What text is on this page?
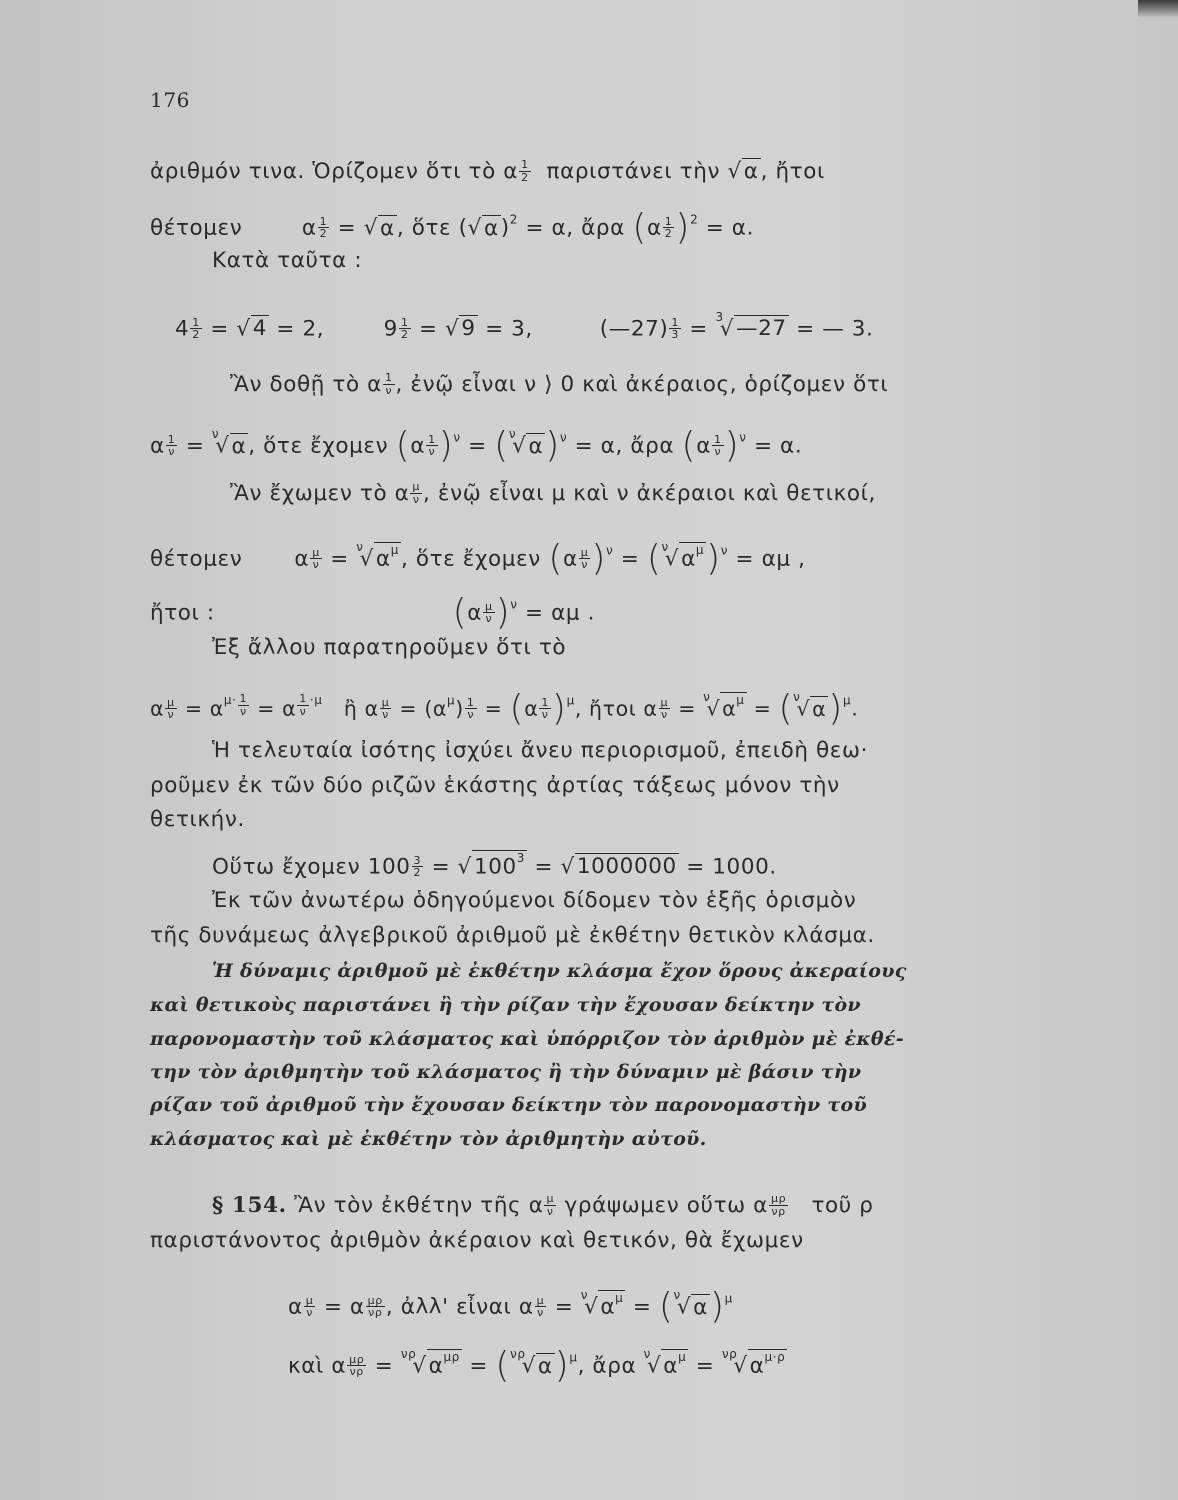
176
ἀριθμόν τινα. Ὁρίζομεν ὅτι τὸ α $\frac{1}{2}$ παριστάνει τὴν √α, ἤτοι
θέτομεν        α $\frac{1}{2} = √\alpha$, ὅτε $(√\alpha)^2 = \alpha$, ἄρα $(\alpha \frac{1}{2} )^2 = \alpha$.
Κατὰ ταῦτα :
$4 \frac{1}{2} = √4 = 2$,        $9 \frac{1}{2} = √9 = 3$,         (—27) $\frac{1}{3}$ = $^3$√—27 = — 3.
Ἂν δοθῇ τὸ α $\frac{1}{\nu}$ , ἐνῷ εἶναι ν ⟩ 0 καὶ ἀκέραιος, ὁρίζομεν ὅτι
α $\frac{1}{\nu} = ^\nu√\alpha$, ὅτε ἔχομεν $(\alpha \frac{1}{\nu} )^\nu = (^\nu√\alpha)^\nu = \alpha$, ἄρα $(\alpha \frac{1}{\nu} )^\nu = \alpha$.
Ἂν ἔχωμεν τὸ α $\frac{\mu}{\nu}$ , ἐνῷ εἶναι μ καὶ ν ἀκέραιοι καὶ θετικοί,
θέτομεν       α $\frac{\mu}{\nu} = ^\nu√\alpha^\mu$, ὅτε ἔχομεν $(\alpha \frac{\mu}{\nu} )^\nu = (^\nu√\alpha^\mu)^\nu = \alpha\mu$ ,
ἤτοι :	$(\alpha \frac{\mu}{\nu} )^\nu = \alpha\mu$ .
Ἐξ ἄλλου παρατηροῦμεν ὅτι τὸ
α $\frac{\mu}{\nu} = \alpha^{\mu\cdot \frac{1}{\nu}} = \alpha$ $^{\frac{1}{\nu} \cdot\mu}$ ἢ α $\frac{\mu}{\nu} = (\alpha^\mu) \frac{1}{\nu} = (\alpha \frac{1}{\nu} )^\mu$, ἤτοι α $\frac{\mu}{\nu} = ^\nu√\alpha^\mu = (^\nu√\alpha)^\mu$.
Ἡ τελευταία ἰσότης ἰσχύει ἄνευ περιορισμοῦ, ἐπειδὴ θεω·
ροῦμεν ἐκ τῶν δύο ριζῶν ἑκάστης ἀρτίας τάξεως μόνον τὴν
θετικήν.
Οὕτω ἔχομεν $100 \frac{3}{2} = √100^3 = √1000000 = 1000$.
Ἐκ τῶν ἀνωτέρω ὁδηγούμενοι δίδομεν τὸν ἑξῆς ὁρισμὸν
τῆς δυνάμεως ἀλγεβρικοῦ ἀριθμοῦ μὲ ἐκθέτην θετικὸν κλάσμα.
Ἡ δύναμις ἀριθμοῦ μὲ ἐκθέτην κλάσμα ἔχον ὅρους ἀκεραίους
καὶ θετικοὺς παριστάνει ἢ τὴν ρίζαν τὴν ἔχουσαν δείκτην τὸν
παρονομαστὴν τοῦ κλάσματος καὶ ὑπόρριζον τὸν ἀριθμὸν μὲ ἐκθέ-
την τὸν ἀριθμητὴν τοῦ κλάσματος ἢ τὴν δύναμιν μὲ βάσιν τὴν
ρίζαν τοῦ ἀριθμοῦ τὴν ἔχουσαν δείκτην τὸν παρονομαστὴν τοῦ
κλάσματος καὶ μὲ ἐκθέτην τὸν ἀριθμητὴν αὐτοῦ.
§ 154. Ἂν τὸν ἐκθέτην τῆς α $\frac{\mu}{\nu}$ γράψωμεν οὕτω α $\frac{\mu\rho}{\nu\rho}$ τοῦ ρ
παριστάνοντος ἀριθμὸν ἀκέραιον καὶ θετικόν, θὰ ἔχωμεν
α $\frac{\mu}{\nu} = \alpha \frac{\mu\rho}{\nu\rho}$ , ἀλλ' εἶναι α $\frac{\mu}{\nu} = ^\nu√\alpha^\mu = (^\nu√\alpha)^\mu$
καὶ α $\frac{\mu\rho}{\nu\rho} = ^{\nu\rho}√\alpha^{\mu\rho} = (^{\nu\rho}√\alpha)^\mu$, ἄρα $^\nu√\alpha^\mu = ^{\nu\rho}√\alpha^{\mu\cdot\rho}$
